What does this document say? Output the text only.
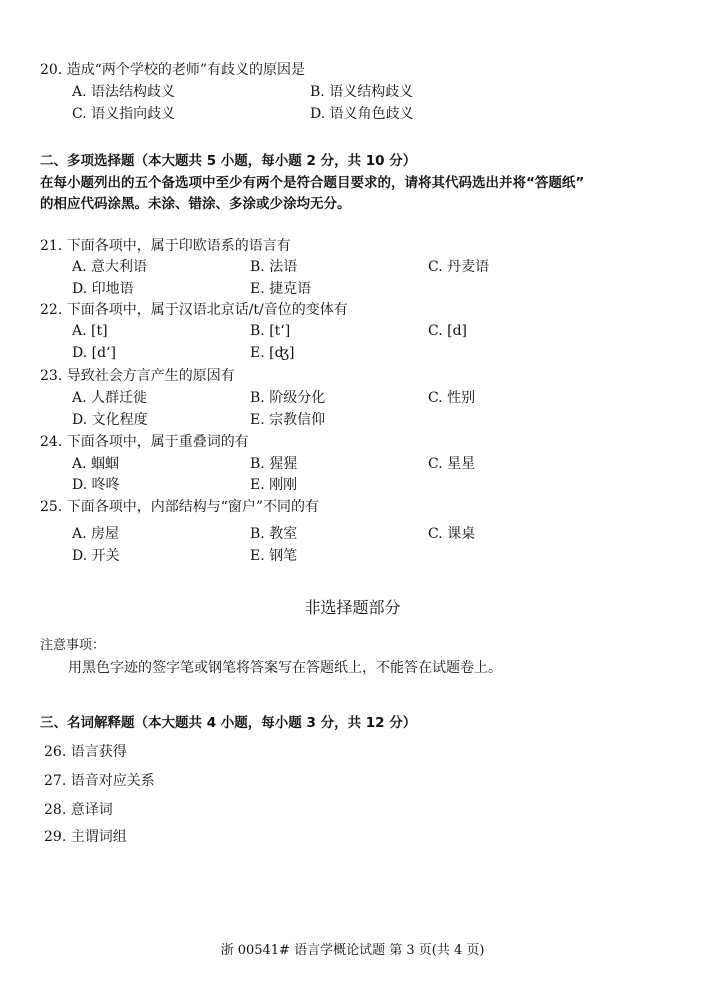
20. 造成“两个学校的老师”有歧义的原因是
A. 语法结构歧义	B. 语义结构歧义
C. 语义指向歧义	D. 语义角色歧义
二、多项选择题（本大题共 5 小题，每小题 2 分，共 10 分）
在每小题列出的五个备选项中至少有两个是符合题目要求的，请将其代码选出并将“答题纸”
的相应代码涂黑。未涂、错涂、多涂或少涂均无分。
21. 下面各项中，属于印欧语系的语言有
A. 意大利语	B. 法语	C. 丹麦语
D. 印地语	E. 捷克语
22. 下面各项中，属于汉语北京话/t/音位的变体有
A. [t]	B. [tʻ]	C. [d]
D. [dʻ]	E. [ʤ]
23. 导致社会方言产生的原因有
A. 人群迁徙	B. 阶级分化	C. 性别
D. 文化程度	E. 宗教信仰
24. 下面各项中，属于重叠词的有
A. 蝈蝈	B. 猩猩	C. 星星
D. 咚咚	E. 刚刚
25. 下面各项中，内部结构与“窗户”不同的有
A. 房屋	B. 教室	C. 课桌
D. 开关	E. 钢笔
非选择题部分
注意事项：
用黑色字迹的签字笔或钢笔将答案写在答题纸上，不能答在试题卷上。
三、名词解释题（本大题共 4 小题，每小题 3 分，共 12 分）
26. 语言获得
27. 语音对应关系
28. 意译词
29. 主谓词组
浙 00541# 语言学概论试题 第 3 页(共 4 页)
